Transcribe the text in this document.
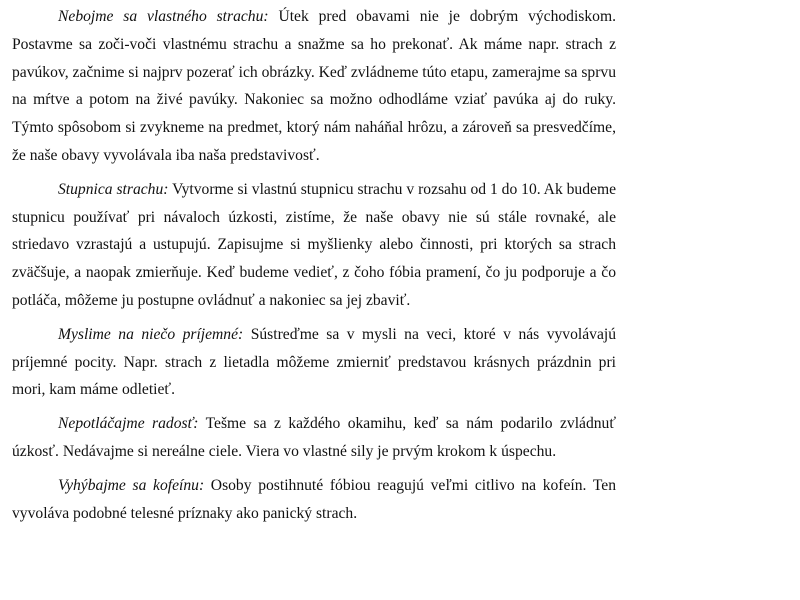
Nebojme sa vlastného strachu: Útek pred obavami nie je dobrým východiskom. Postavme sa zoči-voči vlastnému strachu a snažme sa ho prekonať. Ak máme napr. strach z pavúkov, začnime si najprv pozerať ich obrázky. Keď zvládneme túto etapu, zamerajme sa sprvu na mŕtve a potom na živé pavúky. Nakoniec sa možno odhodláme vziať pavúka aj do ruky. Týmto spôsobom si zvykneme na predmet, ktorý nám naháňal hrôzu, a zároveň sa presvedčíme, že naše obavy vyvolávala iba naša predstavivosť.

Stupnica strachu: Vytvorme si vlastnú stupnicu strachu v rozsahu od 1 do 10. Ak budeme stupnicu používať pri návaloch úzkosti, zistíme, že naše obavy nie sú stále rovnaké, ale striedavo vzrastajú a ustupujú. Zapisujme si myšlienky alebo činnosti, pri ktorých sa strach zväčšuje, a naopak zmierňuje. Keď budeme vedieť, z čoho fóbia pramení, čo ju podporuje a čo potláča, môžeme ju postupne ovládnuť a nakoniec sa jej zbaviť.

Myslime na niečo príjemné: Sústreďme sa v mysli na veci, ktoré v nás vyvolávajú príjemné pocity. Napr. strach z lietadla môžeme zmierniť predstavou krásnych prázdnin pri mori, kam máme odletieť.

Nepotláčajme radosť: Tešme sa z každého okamihu, keď sa nám podarilo zvládnuť úzkosť. Nedávajme si nereálne ciele. Viera vo vlastné sily je prvým krokom k úspechu.

Vyhýbajme sa kofeínu: Osoby postihnuté fóbiou reagujú veľmi citlivo na kofeín. Ten vyvoláva podobné telesné príznaky ako panický strach.
